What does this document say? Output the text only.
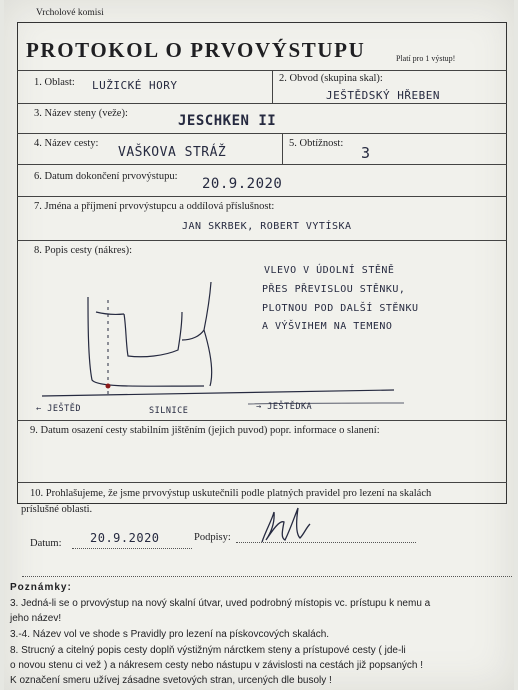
Vrcholové komisi
PROTOKOL O PRVOVÝSTUPU	Platí pro 1 výstup!
1. Oblast: LUŽICKÉ HORY
2. Obvod (skupina skal):
JEŠTĚDSKÝ HŘEBEN
3. Název steny (veže):	JESCHKEN II
4. Název cesty:
VAŠKOVA STRÁŽ
5. Obtížnost:
3
6. Datum dokončení prvovýstupu: 20.9.2020
7. Jména a příjmení prvovýstupcu a oddílová příslušnost:
JAN SKRBEK, ROBERT VYTÍSKA
8. Popis cesty (nákres):
VLEVO V ÚDOLNÍ STĚNĚ
PŘES PŘEVISLOU STĚNKU,
PLOTNOU POD DALŠÍ STĚNKU
A VÝŠVIHEM NA TEMENO
← JEŠTĚD	SILNICE	→ JEŠTĚDKA
9. Datum osazení cesty stabilním jištěním (jejich puvod) popr. informace o slanení:
10. Prohlašujeme, že jsme prvovýstup uskutečnili podle platných pravidel pro lezení na skalách
príslušné oblasti.
Datum: 20.9.2020	Podpisy:
Poznámky:
3. Jedná-li se o prvovýstup na nový skalní útvar, uved podrobný místopis vc. prístupu k nemu a
jeho název!
3.-4. Název vol ve shode s Pravidly pro lezení na pískovcových skalách.
8. Strucný a citelný popis cesty doplň výstižným nárctkem steny a prístupové cesty ( jde-li
o novou stenu ci vež ) a nákresem cesty nebo nástupu v závislosti na cestách již popsaných !
K označení smeru užívej zásadne svetových stran, urcených dle busoly !
